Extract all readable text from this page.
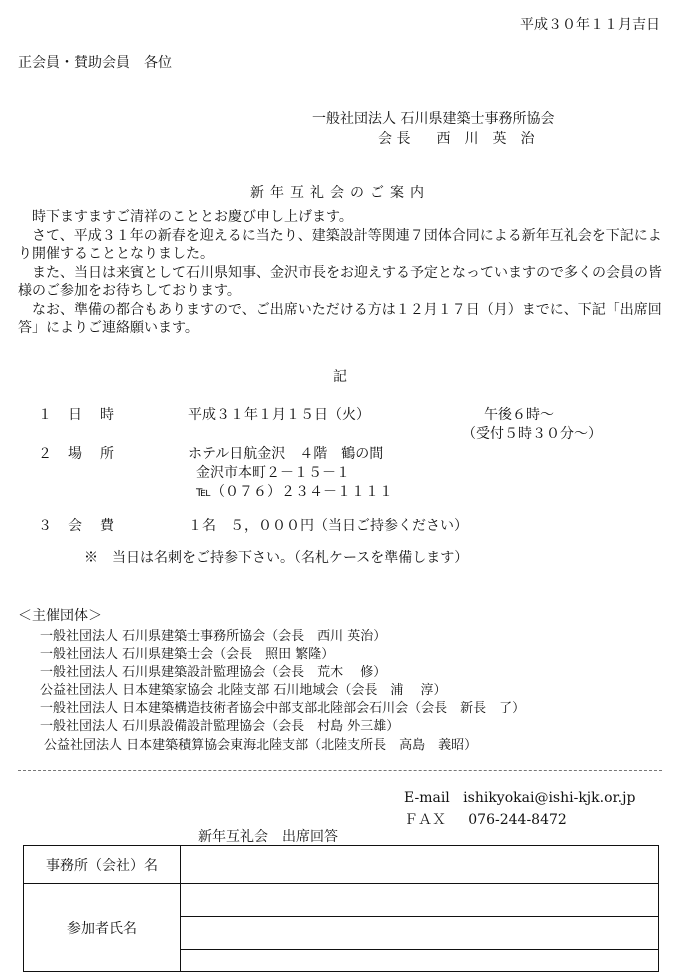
平成３０年１１月吉日
正会員・賛助会員　各位
一般社団法人 石川県建築士事務所協会
会 長 西　川　英　治
新年互礼会のご案内

　時下ますますご清祥のこととお慶び申し上げます。

　さて、平成３１年の新春を迎えるに当たり、建築設計等関連７団体合同による新年互礼会を下記により開催することとなりました。

　また、当日は来賓として石川県知事、金沢市長をお迎えする予定となっていますので多くの会員の皆様のご参加をお待ちしております。

　なお、準備の都合もありますので、ご出席いただける方は１２月１７日（月）までに、下記「出席回答」によりご連絡願います。

記
１ 日　時	平成３１年１月１５日（火）	午後６時～
（受付５時３０分～）
２ 場　所	ホテル日航金沢　４階　鶴の間
金沢市本町２－１５－１
℡（０７６）２３４－１１１１
３ 会　費	１名　５，０００円（当日ご持参ください）
※　当日は名刺をご持参下さい。（名札ケースを準備します）
＜主催団体＞
一般社団法人 石川県建築士事務所協会（会長　西川 英治）
一般社団法人 石川県建築士会（会長　照田 繁隆）
一般社団法人 石川県建築設計監理協会（会長　荒木　 修）
公益社団法人 日本建築家協会 北陸支部 石川地域会（会長　浦　 淳）
一般社団法人 日本建築構造技術者協会中部支部北陸部会石川会（会長　新長　了）
一般社団法人 石川県設備設計監理協会（会長　村島 外三雄）
公益社団法人 日本建築積算協会東海北陸支部（北陸支所長　高島　義昭）
E-mail ishikyokai@ishi-kjk.or.jp
ＦＡＸ 076-244-8472
新年互礼会　出席回答
事務所（会社）名	
参加者氏名	
